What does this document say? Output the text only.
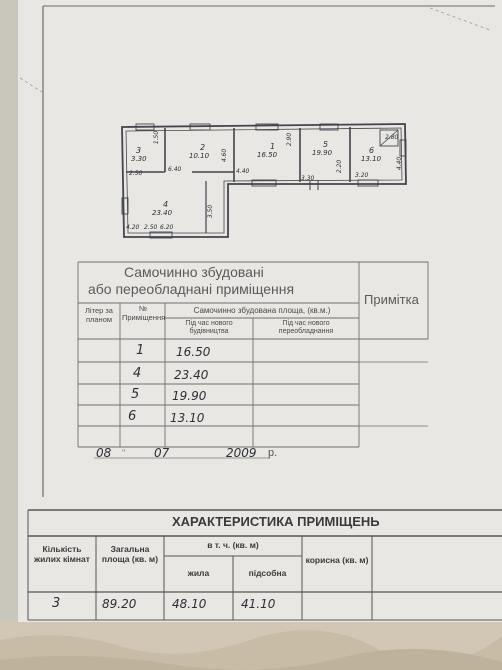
3
3.30
2
10.10
1
16.50
5
19.90	6
13.10
4
23.40
2.50
6.40	4.40
3.30	3.20
4.60
3.50
2.90
2.20	4.40
1.50	2.80
4.20 2.50 6.20
Самочинно збудовані
або переобладнані приміщення
Примітка
Літер за планом
№ Приміщення
Самочинно збудована площа, (кв.м.)
Під час нового будівництва
Під час нового переобладнання
1	16.50
4	23.40
5	19.90
6	13.10
08 " 07	2009 р.
ХАРАКТЕРИСТИКА ПРИМІЩЕНЬ
Кількість жилих кімнат
Загальна площа (кв. м)
в т. ч. (кв. м)
жила	підсобна
корисна (кв. м)
3	89.20	48.10	41.10
